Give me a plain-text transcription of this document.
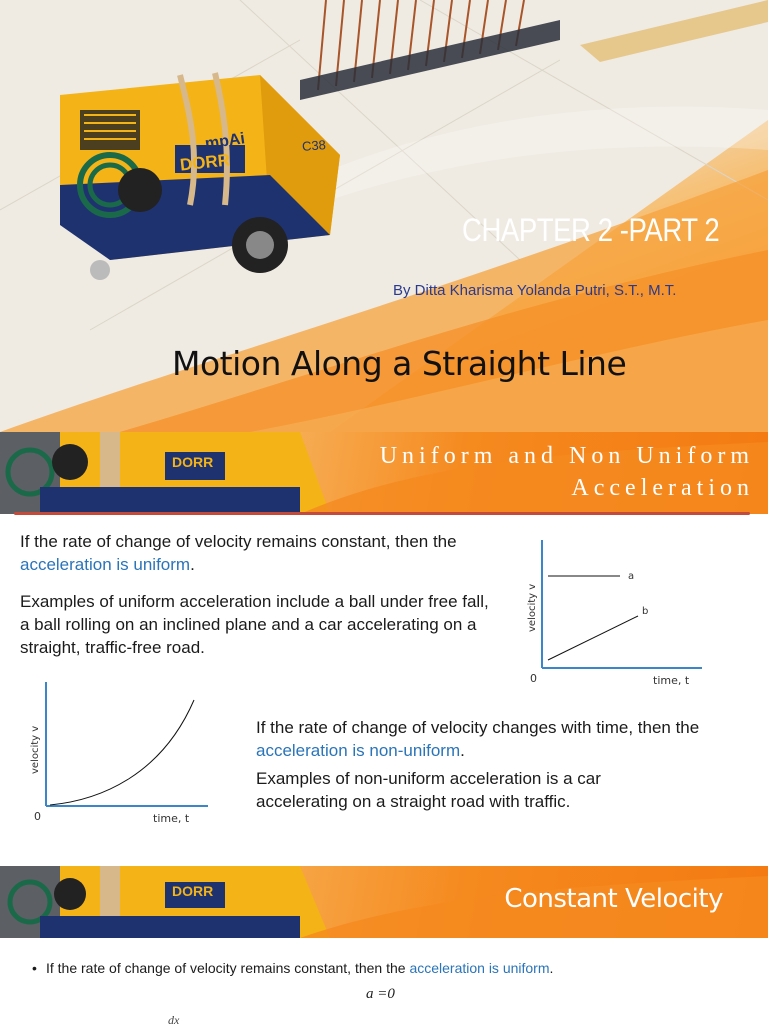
mpAi
DORR
C38
CHAPTER 2 -PART 2
By Ditta Kharisma Yolanda Putri, S.T., M.T.
Motion Along a Straight Line
DORR	Uniform and Non Uniform
Acceleration
If the rate of change of velocity remains constant, then the acceleration is uniform.
Examples of uniform acceleration include a ball under free fall, a ball rolling on an inclined plane and a car accelerating on a straight, traffic-free road.
a
b
0	time, t
velocity v
0	time, t
velocity v	If the rate of change of velocity changes with time, then the acceleration is non-uniform.
Examples of non-uniform acceleration is a car accelerating on a straight road with traffic.
DORR	Constant Velocity
• If the rate of change of velocity remains constant, then the acceleration is uniform.
a =0
dx
